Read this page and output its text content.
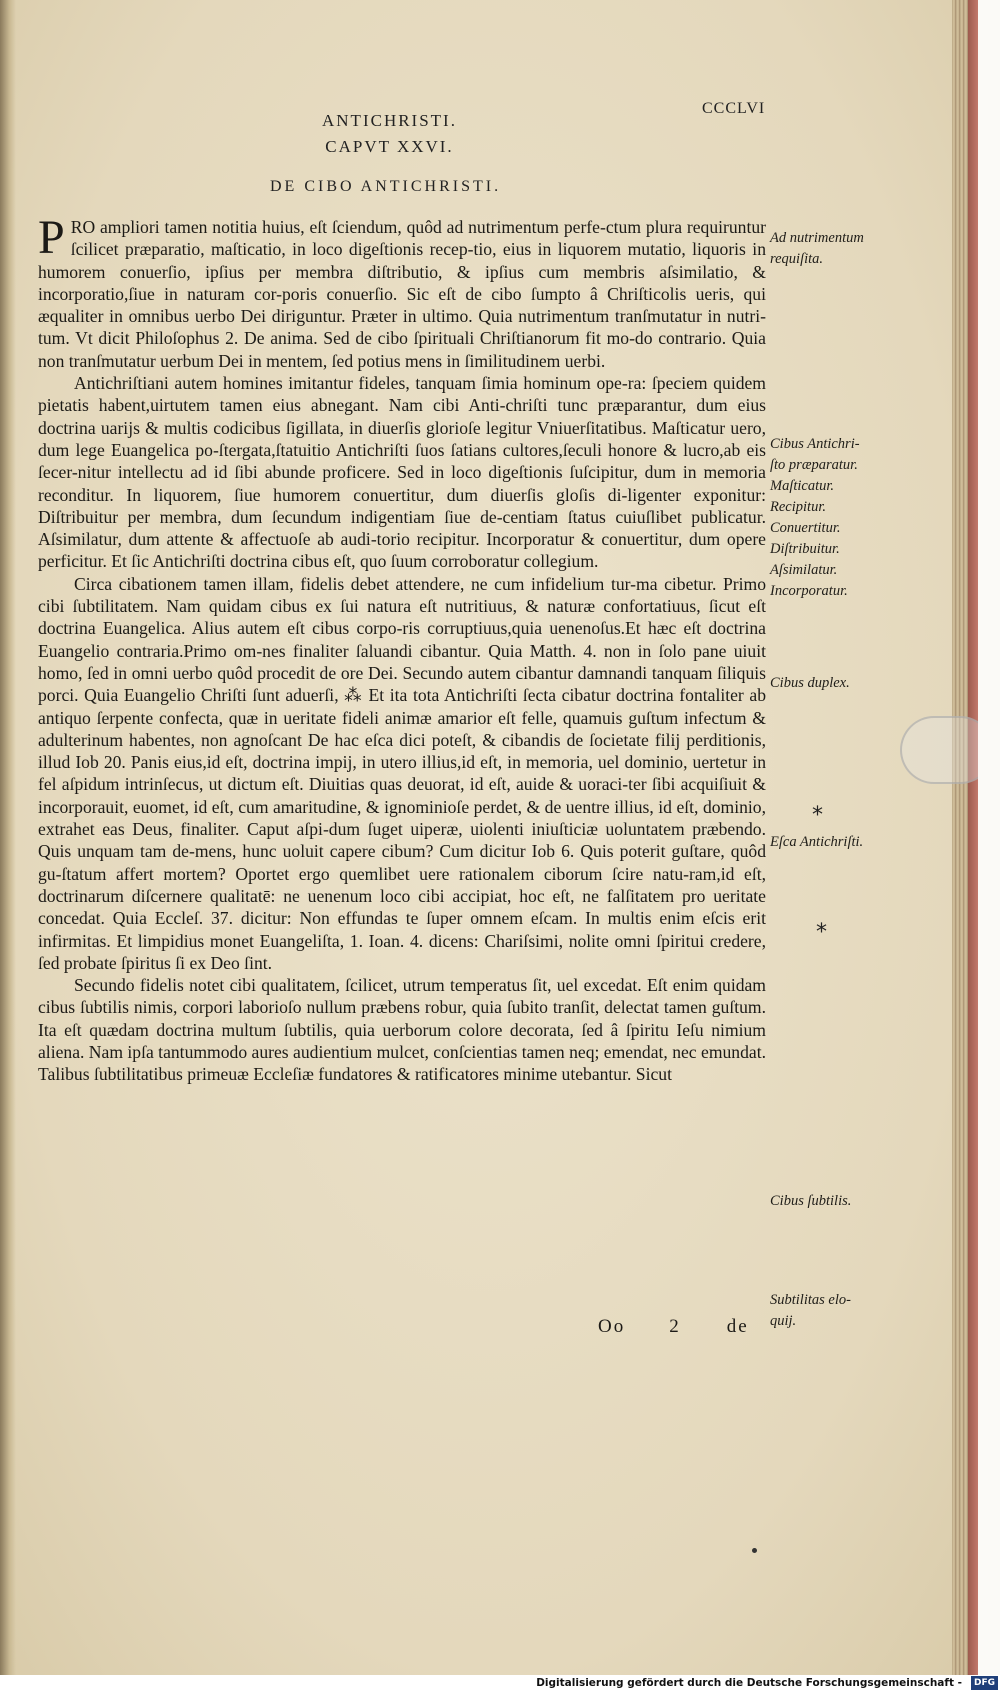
ANTICHRISTI.
CAPVT XXVI.
CCCLVI
DE CIBO ANTICHRISTI.

PRO ampliori tamen notitia huius, eſt ſciendum, quôd ad nutrimentum perfe-ctum plura requiruntur ſcilicet præparatio, maſticatio, in loco digeſtionis recep-tio, eius in liquorem mutatio, liquoris in humorem conuerſio, ipſius per membra diſtributio, & ipſius cum membris aſsimilatio, & incorporatio,ſiue in naturam cor-poris conuerſio. Sic eſt de cibo ſumpto â Chriſticolis ueris, qui æqualiter in omnibus uerbo Dei diriguntur. Præter in ultimo. Quia nutrimentum tranſmutatur in nutri-tum. Vt dicit Philoſophus 2. De anima. Sed de cibo ſpirituali Chriſtianorum fit mo-do contrario. Quia non tranſmutatur uerbum Dei in mentem, ſed potius mens in ſimilitudinem uerbi.

Antichriſtiani autem homines imitantur fideles, tanquam ſimia hominum ope-ra: ſpeciem quidem pietatis habent,uirtutem tamen eius abnegant. Nam cibi Anti-chriſti tunc præparantur, dum eius doctrina uarijs & multis codicibus ſigillata, in diuerſis glorioſe legitur Vniuerſitatibus. Maſticatur uero, dum lege Euangelica po-ſtergata,ſtatuitio Antichriſti ſuos ſatians cultores,ſeculi honore & lucro,ab eis ſecer-nitur intellectu ad id ſibi abunde proficere. Sed in loco digeſtionis ſuſcipitur, dum in memoria reconditur. In liquorem, ſiue humorem conuertitur, dum diuerſis gloſis di-ligenter exponitur: Diſtribuitur per membra, dum ſecundum indigentiam ſiue de-centiam ſtatus cuiuſlibet publicatur. Aſsimilatur, dum attente & affectuoſe ab audi-torio recipitur. Incorporatur & conuertitur, dum opere perficitur. Et ſic Antichriſti doctrina cibus eſt, quo ſuum corroboratur collegium.

Circa cibationem tamen illam, fidelis debet attendere, ne cum infidelium tur-ma cibetur. Primo cibi ſubtilitatem. Nam quidam cibus ex ſui natura eſt nutritiuus, & naturæ confortatiuus, ſicut eſt doctrina Euangelica. Alius autem eſt cibus corpo-ris corruptiuus,quia uenenoſus.Et hæc eſt doctrina Euangelio contraria.Primo om-nes finaliter ſaluandi cibantur. Quia Matth. 4. non in ſolo pane uiuit homo, ſed in omni uerbo quôd procedit de ore Dei. Secundo autem cibantur damnandi tanquam ſiliquis porci. Quia Euangelio Chriſti ſunt aduerſi, ⁂ Et ita tota Antichriſti ſecta cibatur doctrina fontaliter ab antiquo ſerpente confecta, quæ in ueritate fideli animæ amarior eſt felle, quamuis guſtum infectum & adulterinum habentes, non agnoſcant De hac eſca dici poteſt, & cibandis de ſocietate filij perditionis, illud Iob 20. Panis eius,id eſt, doctrina impij, in utero illius,id eſt, in memoria, uel dominio, uertetur in fel aſpidum intrinſecus, ut dictum eſt. Diuitias quas deuorat, id eſt, auide & uoraci-ter ſibi acquiſiuit & incorporauit, euomet, id eſt, cum amaritudine, & ignominioſe perdet, & de uentre illius, id eſt, dominio, extrahet eas Deus, finaliter. Caput aſpi-dum ſuget uiperæ, uiolenti iniuſticiæ uoluntatem præbendo. Quis unquam tam de-mens, hunc uoluit capere cibum? Cum dicitur Iob 6. Quis poterit guſtare, quôd gu-ſtatum affert mortem? Oportet ergo quemlibet uere rationalem ciborum ſcire natu-ram,id eſt, doctrinarum diſcernere qualitatē: ne uenenum loco cibi accipiat, hoc eſt, ne falſitatem pro ueritate concedat. Quia Eccleſ. 37. dicitur: Non effundas te ſuper omnem eſcam. In multis enim eſcis erit infirmitas. Et limpidius monet Euangeliſta, 1. Ioan. 4. dicens: Chariſsimi, nolite omni ſpiritui credere, ſed probate ſpiritus ſi ex Deo ſint.

Secundo fidelis notet cibi qualitatem, ſcilicet, utrum temperatus ſit, uel excedat. Eſt enim quidam cibus ſubtilis nimis, corpori laborioſo nullum præbens robur, quia ſubito tranſit, delectat tamen guſtum. Ita eſt quædam doctrina multum ſubtilis, quia uerborum colore decorata, ſed â ſpiritu Ieſu nimium aliena. Nam ipſa tantummodo aures audientium mulcet, conſcientias tamen neq; emendat, nec emundat. Talibus ſubtilitatibus primeuæ Eccleſiæ fundatores & ratificatores minime utebantur. Sicut

Ad nutrimentum
requiſita.
Cibus Antichri-
ſto præparatur.
Maſticatur.
Recipitur.
Conuertitur.
Diſtribuitur.
Aſsimilatur.
Incorporatur.
Cibus duplex.
Eſca Antichriſti.
Cibus ſubtilis.
Subtilitas elo-
quij.
*
*
Oo 2 de
Digitalisierung gefördert durch die Deutsche Forschungsgemeinschaft -	DFG
